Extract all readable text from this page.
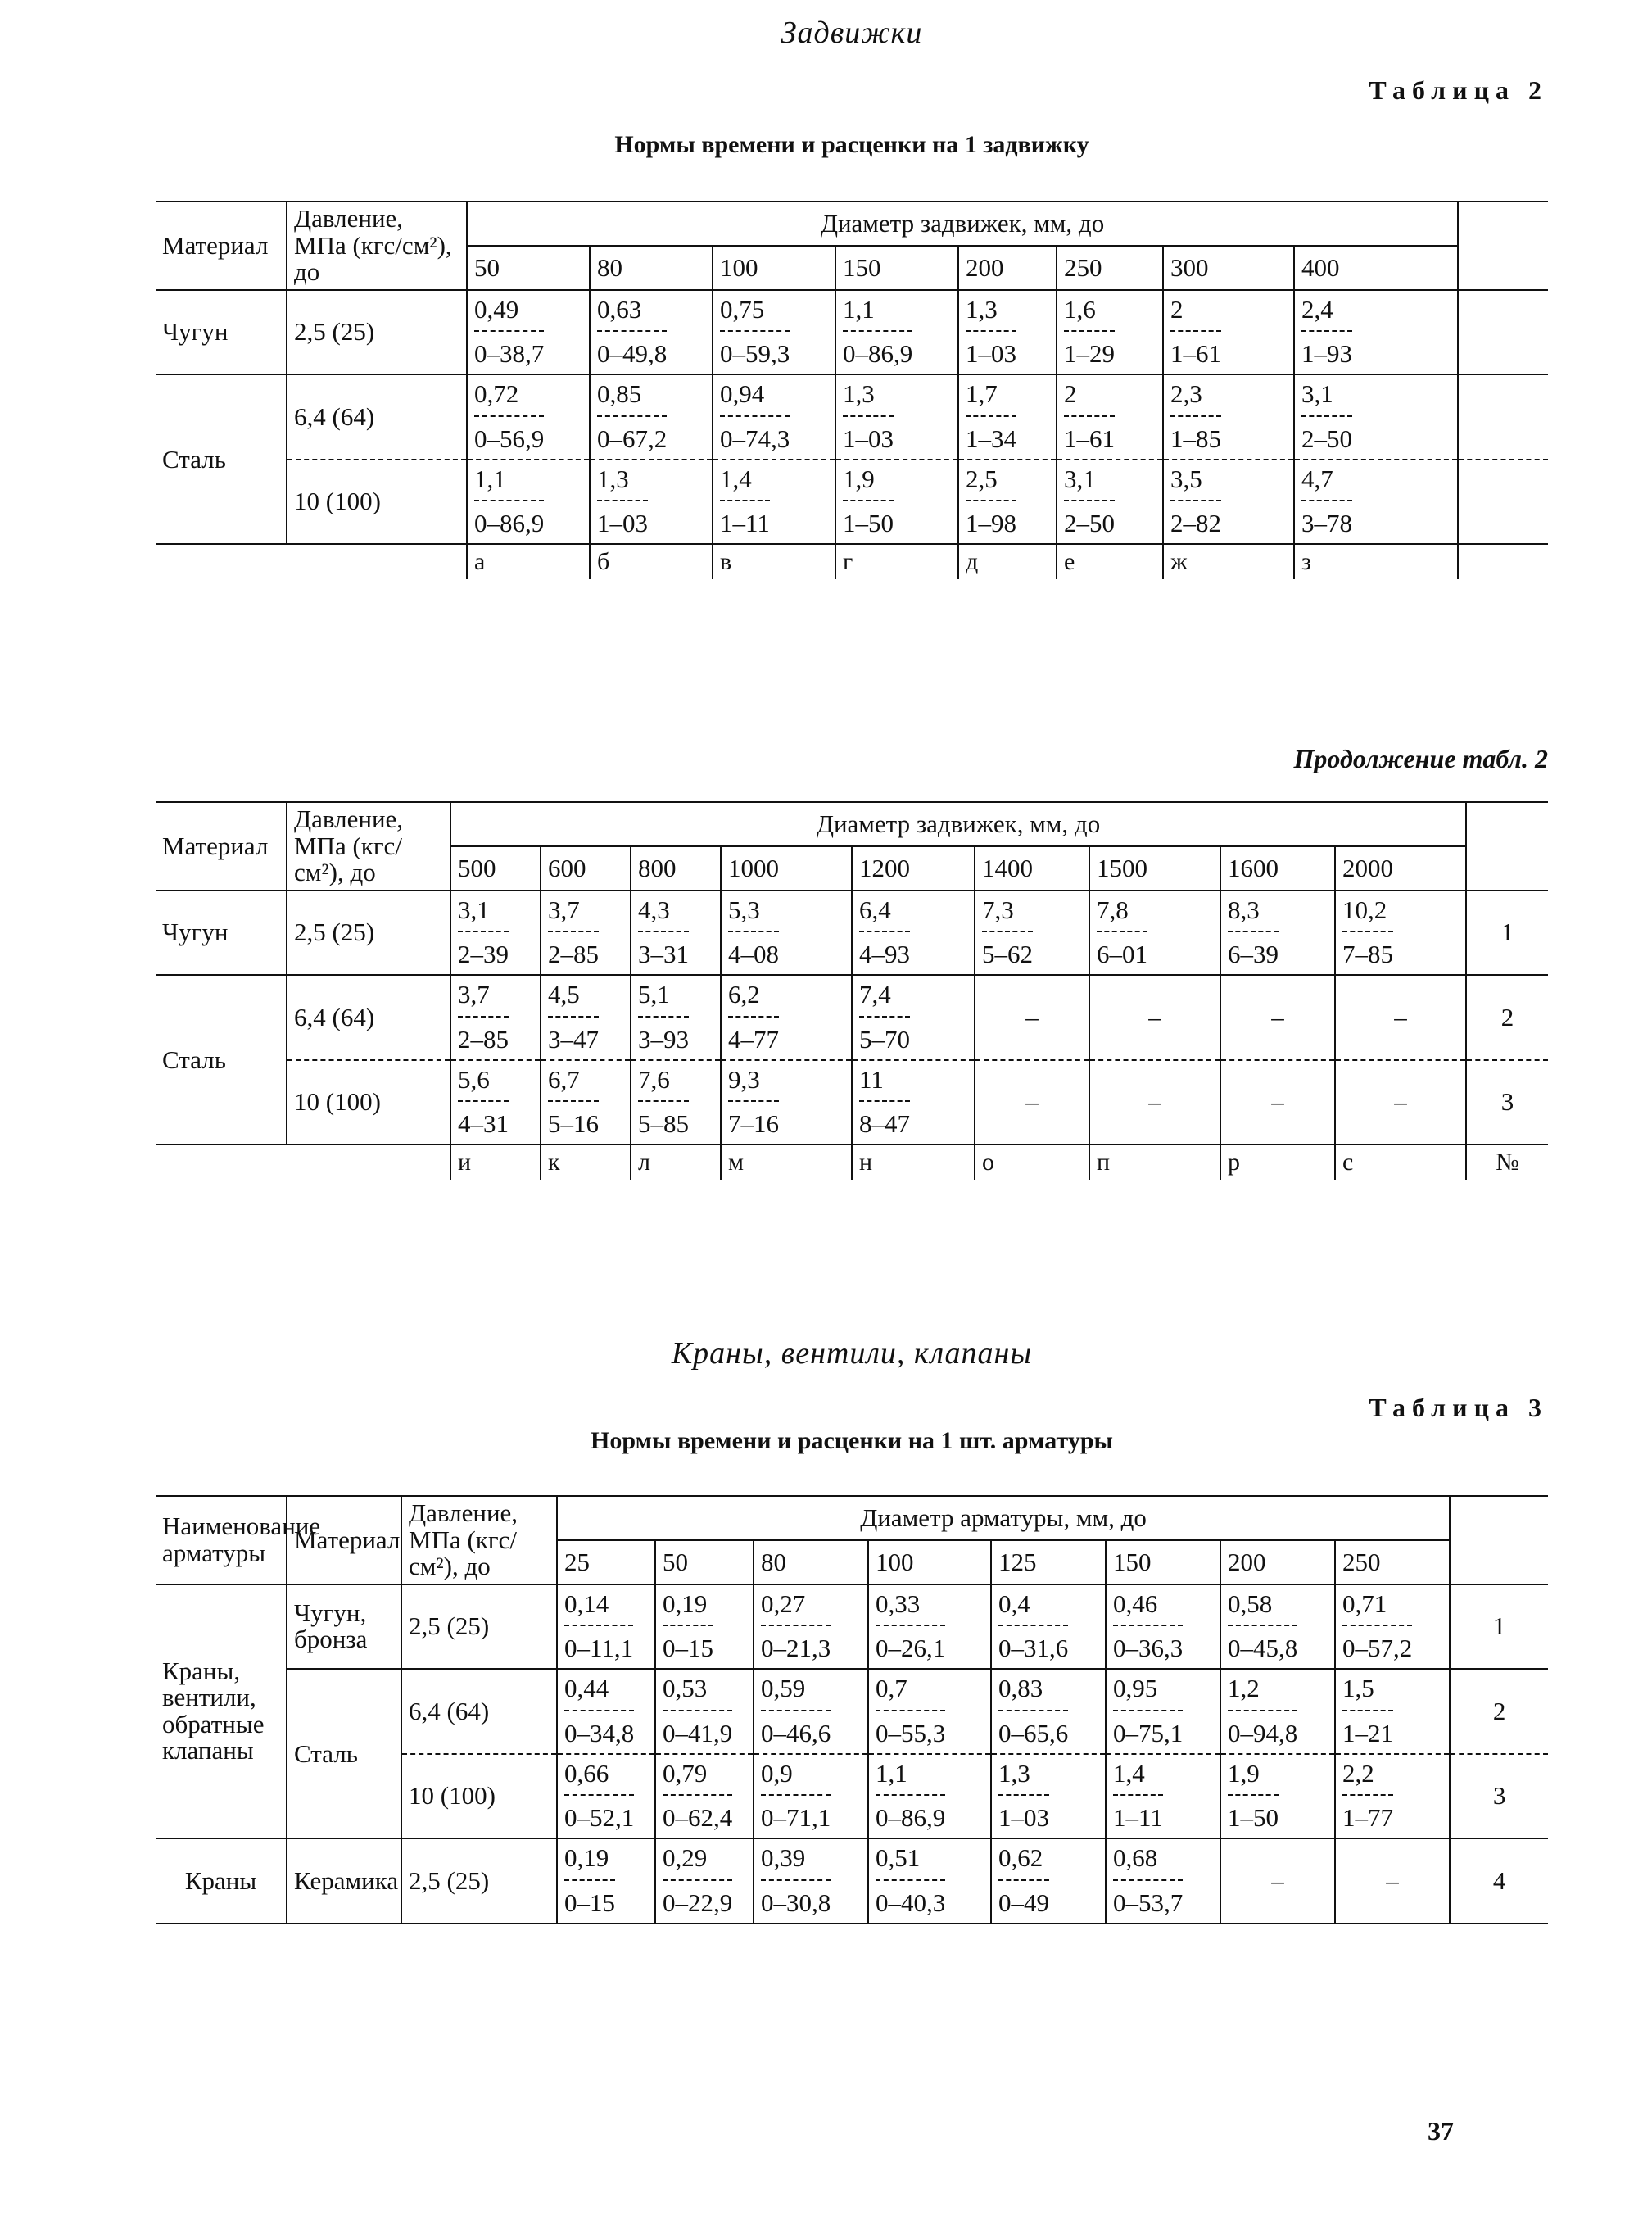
Задвижки
Таблица 2
Нормы времени и расценки на 1 задвижку
Материал	Давление, МПа (кгс/см²), до	Диаметр задвижек, мм, до								
		50	80	100	150	200	250	300	400	
Чугун	2,5 (25)	$\frac{0,49}{0-38,7}$	$\frac{0,63}{0-49,8}$	$\frac{0,75}{0-59,3}$	$\frac{1,1}{0-86,9}$	$\frac{1,3}{1-03}$	$\frac{1,6}{1-29}$	$\frac{2}{1-61}$	$\frac{2,4}{1-93}$

Сталь	6,4 (64)	$\frac{0,72}{0-56,9}$	$\frac{0,85}{0-67,2}$	$\frac{0,94}{0-74,3}$	$\frac{1,3}{1-03}$	$\frac{1,7}{1-34}$	$\frac{2}{1-61}$	$\frac{2,3}{1-85}$	$\frac{3,1}{2-50}$

	10 (100)	$\frac{1,1}{0-86,9}$	$\frac{1,3}{1-03}$	$\frac{1,4}{1-11}$	$\frac{1,9}{1-50}$	$\frac{2,5}{1-98}$	$\frac{3,1}{2-50}$	$\frac{3,5}{2-82}$	$\frac{4,7}{3-78}$

		а	б	в	г	д	е	ж	з	
Продолжение табл. 2
Материал	Давление, МПа (кгс/см²), до	Диаметр задвижек, мм, до									
		500	600	800	1000	1200	1400	1500	1600	2000	
Чугун	2,5 (25)	$\frac{3,1}{2-39}$	$\frac{3,7}{2-85}$	$\frac{4,3}{3-31}$	$\frac{5,3}{4-08}$	$\frac{6,4}{4-93}$	$\frac{7,3}{5-62}$	$\frac{7,8}{6-01}$	$\frac{8,3}{6-39}$	$\frac{10,2}{7-85}$	1
Сталь	6,4 (64)	$\frac{3,7}{2-85}$	$\frac{4,5}{3-47}$	$\frac{5,1}{3-93}$	$\frac{6,2}{4-77}$	$\frac{7,4}{5-70}$	–	–	–	–	2
	10 (100)	$\frac{5,6}{4-31}$	$\frac{6,7}{5-16}$	$\frac{7,6}{5-85}$	$\frac{9,3}{7-16}$	$\frac{11}{8-47}$	–	–	–	–	3
		и	к	л	м	н	о	п	р	с	№
Краны, вентили, клапаны
Таблица 3
Нормы времени и расценки на 1 шт. арматуры
Наименование арматуры	Материал	Давление, МПа (кгс/см²), до	Диаметр арматуры, мм, до								
			25	50	80	100	125	150	200	250	
Краны, вентили, обратные клапаны	Чугун, бронза	2,5 (25)	$\frac{0,14}{0-11,1}$	$\frac{0,19}{0-15}$	$\frac{0,27}{0-21,3}$	$\frac{0,33}{0-26,1}$	$\frac{0,4}{0-31,6}$	$\frac{0,46}{0-36,3}$	$\frac{0,58}{0-45,8}$	$\frac{0,71}{0-57,2}$	1
	Сталь	6,4 (64)	$\frac{0,44}{0-34,8}$	$\frac{0,53}{0-41,9}$	$\frac{0,59}{0-46,6}$	$\frac{0,7}{0-55,3}$	$\frac{0,83}{0-65,6}$	$\frac{0,95}{0-75,1}$	$\frac{1,2}{0-94,8}$	$\frac{1,5}{1-21}$	2
		10 (100)	$\frac{0,66}{0-52,1}$	$\frac{0,79}{0-62,4}$	$\frac{0,9}{0-71,1}$	$\frac{1,1}{0-86,9}$	$\frac{1,3}{1-03}$	$\frac{1,4}{1-11}$	$\frac{1,9}{1-50}$	$\frac{2,2}{1-77}$	3
Краны	Керамика	2,5 (25)	$\frac{0,19}{0-15}$	$\frac{0,29}{0-22,9}$	$\frac{0,39}{0-30,8}$	$\frac{0,51}{0-40,3}$	$\frac{0,62}{0-49}$	$\frac{0,68}{0-53,7}$	–	–	4
37
